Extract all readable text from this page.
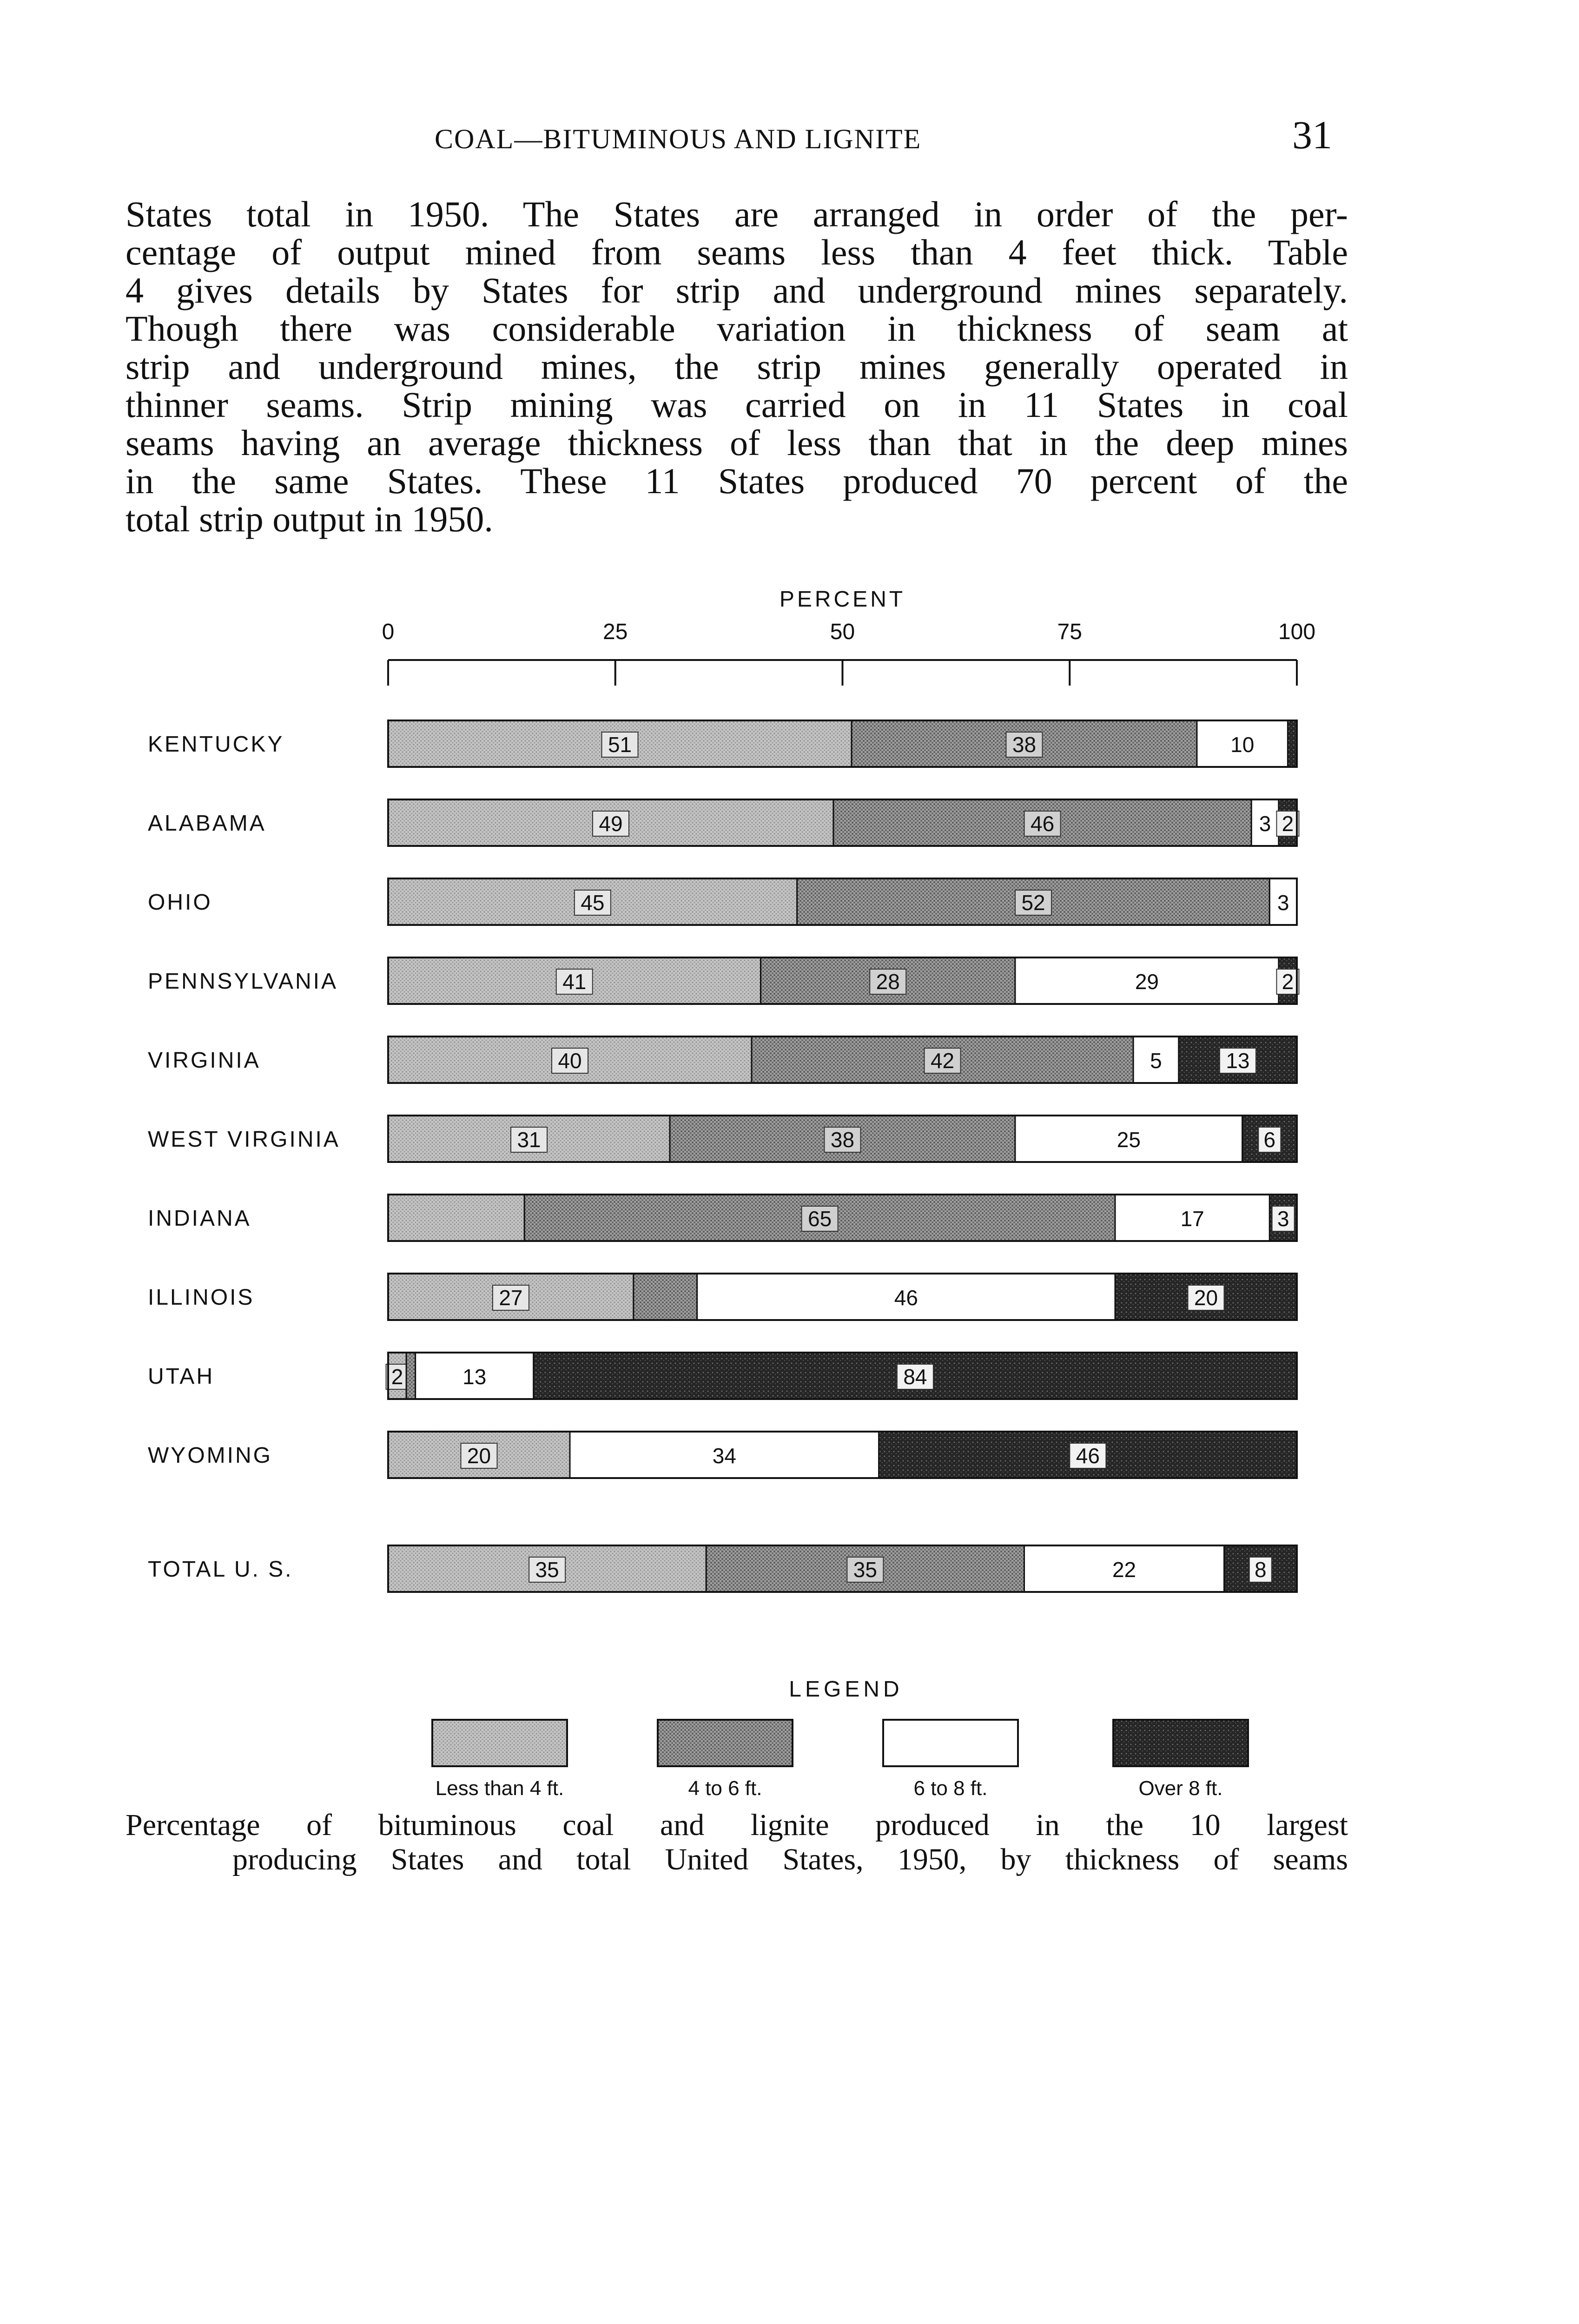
COAL—BITUMINOUS AND LIGNITE	31
States total in 1950. The States are arranged in order of the per-
centage of output mined from seams less than 4 feet thick. Table
4 gives details by States for strip and underground mines separately.
Though there was considerable variation in thickness of seam at
strip and underground mines, the strip mines generally operated in
thinner seams. Strip mining was carried on in 11 States in coal
seams having an average thickness of less than that in the deep mines
in the same States. These 11 States produced 70 percent of the
total strip output in 1950.
PERCENT
0	25	50	75	100
KENTUCKY	51	38	10
ALABAMA	49	46	3 2
OHIO	45	52	3
PENNSYLVANIA	41	28	29	2
VIRGINIA	40	42	5	13
WEST VIRGINIA	31	38	25	6
INDIANA	65	17	3
ILLINOIS	27	46	20
UTAH	2	13	84
WYOMING	20	34	46
TOTAL U. S.	35	35	22	8
LEGEND
Less than 4 ft.	4 to 6 ft.	6 to 8 ft.	Over 8 ft.
Percentage of bituminous coal and lignite produced in the 10 largest
producing States and total United States, 1950, by thickness of seams
